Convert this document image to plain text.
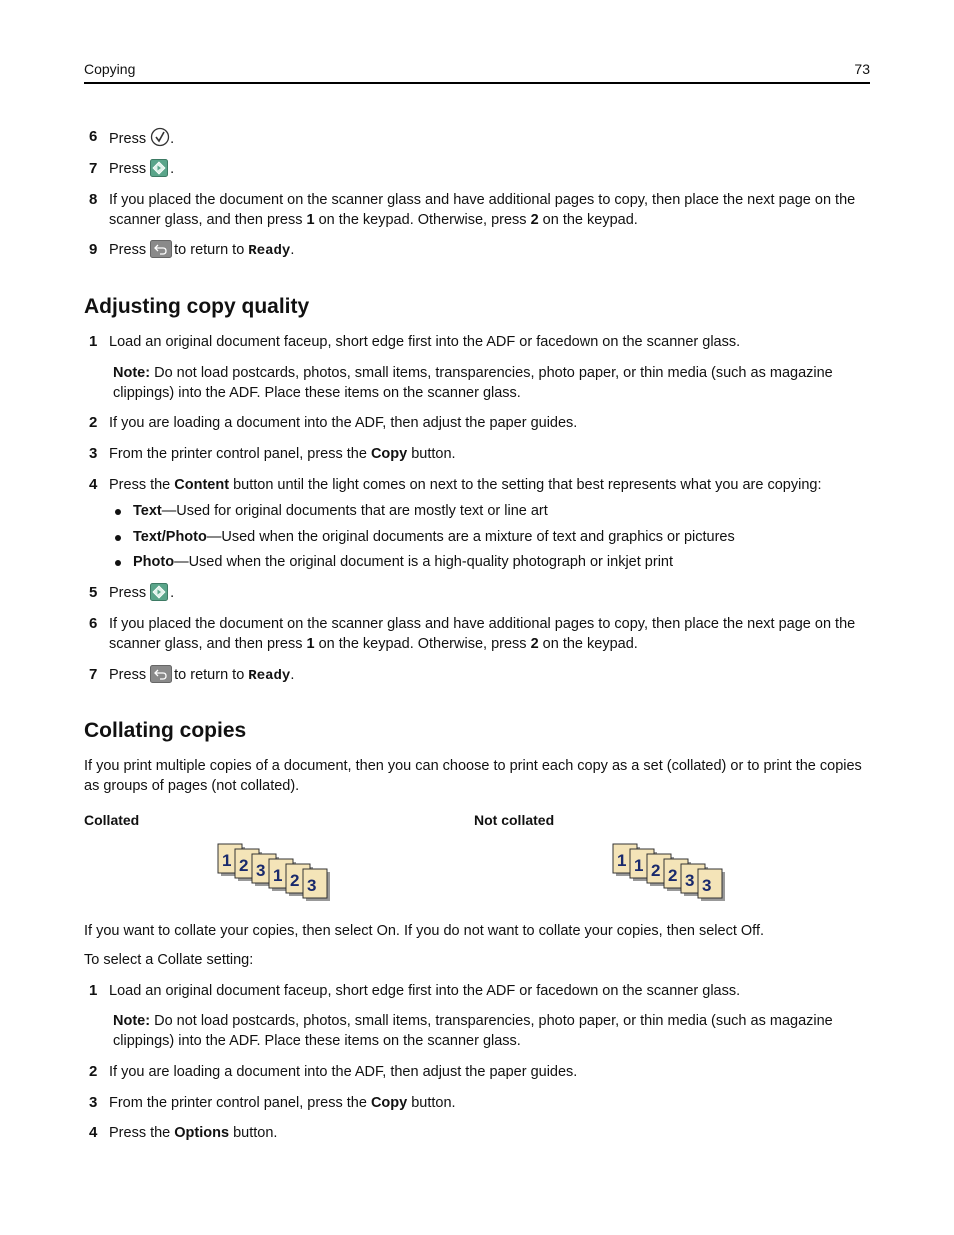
Copying	73
6 Press .
7 Press .
8 If you placed the document on the scanner glass and have additional pages to copy, then place the next page on the scanner glass, and then press 1 on the keypad. Otherwise, press 2 on the keypad.
9 Press  to return to Ready.
Adjusting copy quality
1 Load an original document faceup, short edge first into the ADF or facedown on the scanner glass.
Note: Do not load postcards, photos, small items, transparencies, photo paper, or thin media (such as magazine clippings) into the ADF. Place these items on the scanner glass.
2 If you are loading a document into the ADF, then adjust the paper guides.
3 From the printer control panel, press the Copy button.
4 Press the Content button until the light comes on next to the setting that best represents what you are copying:
Text—Used for original documents that are mostly text or line art
Text/Photo—Used when the original documents are a mixture of text and graphics or pictures
Photo—Used when the original document is a high-quality photograph or inkjet print
5 Press .
6 If you placed the document on the scanner glass and have additional pages to copy, then place the next page on the scanner glass, and then press 1 on the keypad. Otherwise, press 2 on the keypad.
7 Press  to return to Ready.
Collating copies
If you print multiple copies of a document, then you can choose to print each copy as a set (collated) or to print the copies as groups of pages (not collated).
Collated	Not collated
1 2 3 1 2 3
1 1 2 2 3 3
If you want to collate your copies, then select On. If you do not want to collate your copies, then select Off.
To select a Collate setting:
1 Load an original document faceup, short edge first into the ADF or facedown on the scanner glass.
Note: Do not load postcards, photos, small items, transparencies, photo paper, or thin media (such as magazine clippings) into the ADF. Place these items on the scanner glass.
2 If you are loading a document into the ADF, then adjust the paper guides.
3 From the printer control panel, press the Copy button.
4 Press the Options button.
